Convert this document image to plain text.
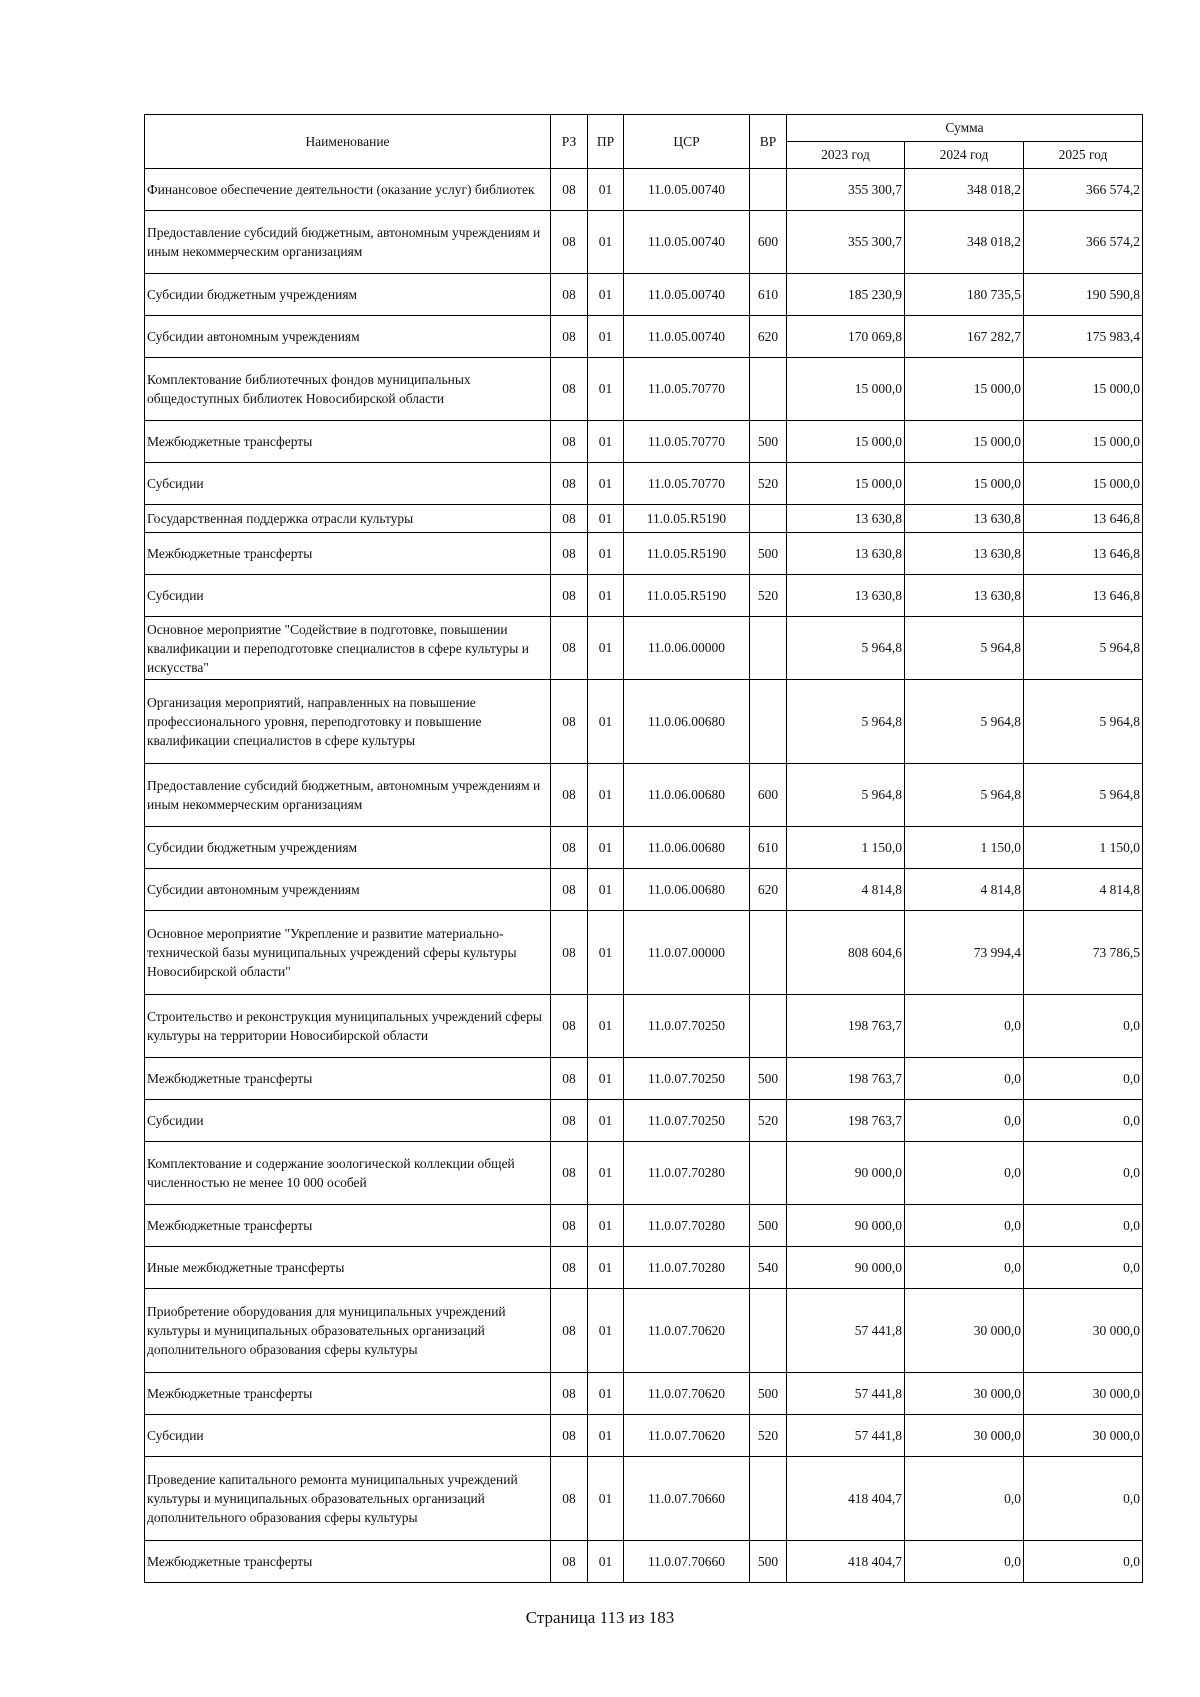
Наименование	РЗ	ПР	ЦСР	ВР	Сумма		
					2023 год	2024 год	2025 год
Финансовое обеспечение деятельности (оказание услуг) библиотек	08	01	11.0.05.00740		355 300,7	348 018,2	366 574,2
Предоставление субсидий бюджетным, автономным учреждениям и иным некоммерческим организациям	08	01	11.0.05.00740	600	355 300,7	348 018,2	366 574,2
Субсидии бюджетным учреждениям	08	01	11.0.05.00740	610	185 230,9	180 735,5	190 590,8
Субсидии автономным учреждениям	08	01	11.0.05.00740	620	170 069,8	167 282,7	175 983,4
Комплектование библиотечных фондов муниципальных общедоступных библиотек Новосибирской области	08	01	11.0.05.70770		15 000,0	15 000,0	15 000,0
Межбюджетные трансферты	08	01	11.0.05.70770	500	15 000,0	15 000,0	15 000,0
Субсидии	08	01	11.0.05.70770	520	15 000,0	15 000,0	15 000,0
Государственная поддержка отрасли культуры	08	01	11.0.05.R5190		13 630,8	13 630,8	13 646,8
Межбюджетные трансферты	08	01	11.0.05.R5190	500	13 630,8	13 630,8	13 646,8
Субсидии	08	01	11.0.05.R5190	520	13 630,8	13 630,8	13 646,8
Основное мероприятие "Содействие в подготовке, повышении квалификации и переподготовке специалистов в сфере культуры и искусства"	08	01	11.0.06.00000		5 964,8	5 964,8	5 964,8
Организация мероприятий, направленных на повышение профессионального уровня, переподготовку и повышение квалификации специалистов в сфере культуры	08	01	11.0.06.00680		5 964,8	5 964,8	5 964,8
Предоставление субсидий бюджетным, автономным учреждениям и иным некоммерческим организациям	08	01	11.0.06.00680	600	5 964,8	5 964,8	5 964,8
Субсидии бюджетным учреждениям	08	01	11.0.06.00680	610	1 150,0	1 150,0	1 150,0
Субсидии автономным учреждениям	08	01	11.0.06.00680	620	4 814,8	4 814,8	4 814,8
Основное мероприятие "Укрепление и развитие материально-технической базы муниципальных учреждений сферы культуры Новосибирской области"	08	01	11.0.07.00000		808 604,6	73 994,4	73 786,5
Строительство и реконструкция муниципальных учреждений сферы культуры на территории Новосибирской области	08	01	11.0.07.70250		198 763,7	0,0	0,0
Межбюджетные трансферты	08	01	11.0.07.70250	500	198 763,7	0,0	0,0
Субсидии	08	01	11.0.07.70250	520	198 763,7	0,0	0,0
Комплектование и содержание зоологической коллекции общей численностью не менее 10 000 особей	08	01	11.0.07.70280		90 000,0	0,0	0,0
Межбюджетные трансферты	08	01	11.0.07.70280	500	90 000,0	0,0	0,0
Иные межбюджетные трансферты	08	01	11.0.07.70280	540	90 000,0	0,0	0,0
Приобретение оборудования для муниципальных учреждений культуры и муниципальных образовательных организаций дополнительного образования сферы культуры	08	01	11.0.07.70620		57 441,8	30 000,0	30 000,0
Межбюджетные трансферты	08	01	11.0.07.70620	500	57 441,8	30 000,0	30 000,0
Субсидии	08	01	11.0.07.70620	520	57 441,8	30 000,0	30 000,0
Проведение капитального ремонта муниципальных учреждений культуры и муниципальных образовательных организаций дополнительного образования сферы культуры	08	01	11.0.07.70660		418 404,7	0,0	0,0
Межбюджетные трансферты	08	01	11.0.07.70660	500	418 404,7	0,0	0,0
Страница 113 из 183
